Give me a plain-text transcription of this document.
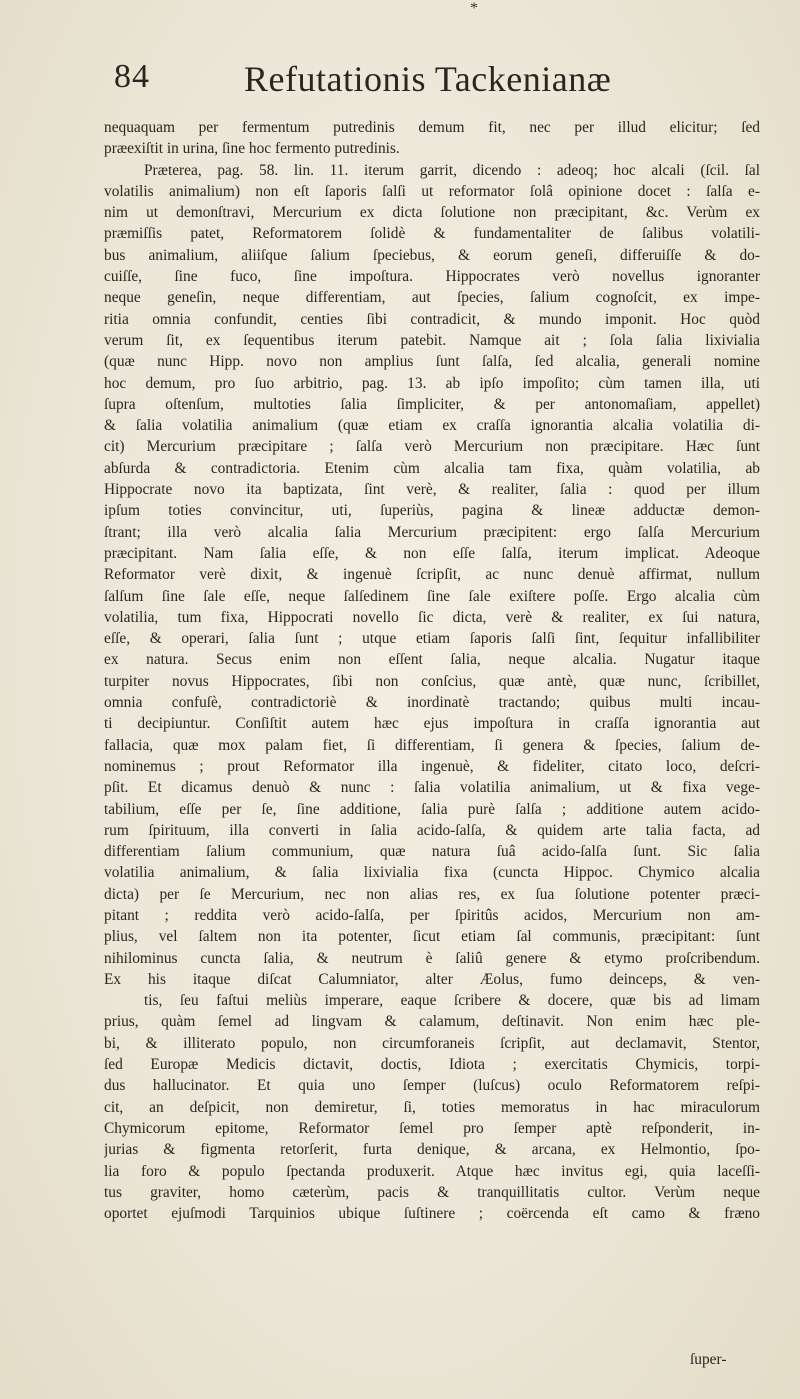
*
84	Refutationis Tackenianæ
nequaquam per fermentum putredinis demum fit, nec per illud elicitur; ſed
præexiſtit in urina, ſine hoc fermento putredinis.
Præterea, pag. 58. lin. 11. iterum garrit, dicendo : adeoq; hoc alcali (ſcil. ſal
volatilis animalium) non eſt ſaporis ſalſi ut reformator ſolâ opinione docet : ſalſa e-
nim ut demonſtravi, Mercurium ex dicta ſolutione non præcipitant, &c. Verùm ex
præmiſſis patet, Reformatorem ſolidè & fundamentaliter de ſalibus volatili-
bus animalium, aliiſque ſalium ſpeciebus, & eorum geneſi, differuiſſe & do-
cuiſſe, ſine fuco, ſine impoſtura. Hippocrates verò novellus ignoranter
neque geneſin, neque differentiam, aut ſpecies, ſalium cognoſcit, ex impe-
ritia omnia confundit, centies ſibi contradicit, & mundo imponit. Hoc quòd
verum ſit, ex ſequentibus iterum patebit. Namque ait ; ſola ſalia lixivialia
(quæ nunc Hipp. novo non amplius ſunt ſalſa, ſed alcalia, generali nomine
hoc demum, pro ſuo arbitrio, pag. 13. ab ipſo impoſito; cùm tamen illa, uti
ſupra oſtenſum, multoties ſalia ſimpliciter, & per antonomaſiam, appellet)
& ſalia volatilia animalium (quæ etiam ex craſſa ignorantia alcalia volatilia di-
cit) Mercurium præcipitare ; ſalſa verò Mercurium non præcipitare. Hæc ſunt
abſurda & contradictoria. Etenim cùm alcalia tam fixa, quàm volatilia, ab
Hippocrate novo ita baptizata, ſint verè, & realiter, ſalia : quod per illum
ipſum toties convincitur, uti, ſuperiùs, pagina & lineæ adductæ demon-
ſtrant; illa verò alcalia ſalia Mercurium præcipitent: ergo ſalſa Mercurium
præcipitant. Nam ſalia eſſe, & non eſſe ſalſa, iterum implicat. Adeoque
Reformator verè dixit, & ingenuè ſcripſit, ac nunc denuè affirmat, nullum
ſalſum ſine ſale eſſe, neque ſalſedinem ſine ſale exiſtere poſſe. Ergo alcalia cùm
volatilia, tum fixa, Hippocrati novello ſic dicta, verè & realiter, ex ſui natura,
eſſe, & operari, ſalia ſunt ; utque etiam ſaporis ſalſi ſint, ſequitur infallibiliter
ex natura. Secus enim non eſſent ſalia, neque alcalia. Nugatur itaque
turpiter novus Hippocrates, ſibi non conſcius, quæ antè, quæ nunc, ſcribillet,
omnia confuſè, contradictoriè & inordinatè tractando; quibus multi incau-
ti decipiuntur. Conſiſtit autem hæc ejus impoſtura in craſſa ignorantia aut
fallacia, quæ mox palam fiet, ſi differentiam, ſi genera & ſpecies, ſalium de-
nominemus ; prout Reformator illa ingenuè, & fideliter, citato loco, deſcri-
pſit. Et dicamus denuò & nunc : ſalia volatilia animalium, ut & fixa vege-
tabilium, eſſe per ſe, ſine additione, ſalia purè ſalſa ; additione autem acido-
rum ſpirituum, illa converti in ſalia acido-ſalſa, & quidem arte talia facta, ad
differentiam ſalium communium, quæ natura ſuâ acido-ſalſa ſunt. Sic ſalia
volatilia animalium, & ſalia lixivialia fixa (cuncta Hippoc. Chymico alcalia
dicta) per ſe Mercurium, nec non alias res, ex ſua ſolutione potenter præci-
pitant ; reddita verò acido-ſalſa, per ſpiritûs acidos, Mercurium non am-
plius, vel ſaltem non ita potenter, ſicut etiam ſal communis, præcipitant: ſunt
nihilominus cuncta ſalia, & neutrum è ſaliû genere & etymo proſcribendum.
Ex his itaque diſcat Calumniator, alter Æolus, fumo deinceps, & ven-
tis, ſeu faſtui meliùs imperare, eaque ſcribere & docere, quæ bis ad limam
prius, quàm ſemel ad lingvam & calamum, deſtinavit. Non enim hæc ple-
bi, & illiterato populo, non circumforaneis ſcripſit, aut declamavit, Stentor,
ſed Europæ Medicis dictavit, doctis, Idiota ; exercitatis Chymicis, torpi-
dus hallucinator. Et quia uno ſemper (luſcus) oculo Reformatorem reſpi-
cit, an deſpicit, non demiretur, ſi, toties memoratus in hac miraculorum
Chymicorum epitome, Reformator ſemel pro ſemper aptè reſponderit, in-
jurias & figmenta retorſerit, furta denique, & arcana, ex Helmontio, ſpo-
lia foro & populo ſpectanda produxerit. Atque hæc invitus egi, quia laceſſi-
tus graviter, homo cæterùm, pacis & tranquillitatis cultor. Verùm neque
oportet ejuſmodi Tarquinios ubique ſuſtinere ; coërcenda eſt camo & fræno
ſuper-
